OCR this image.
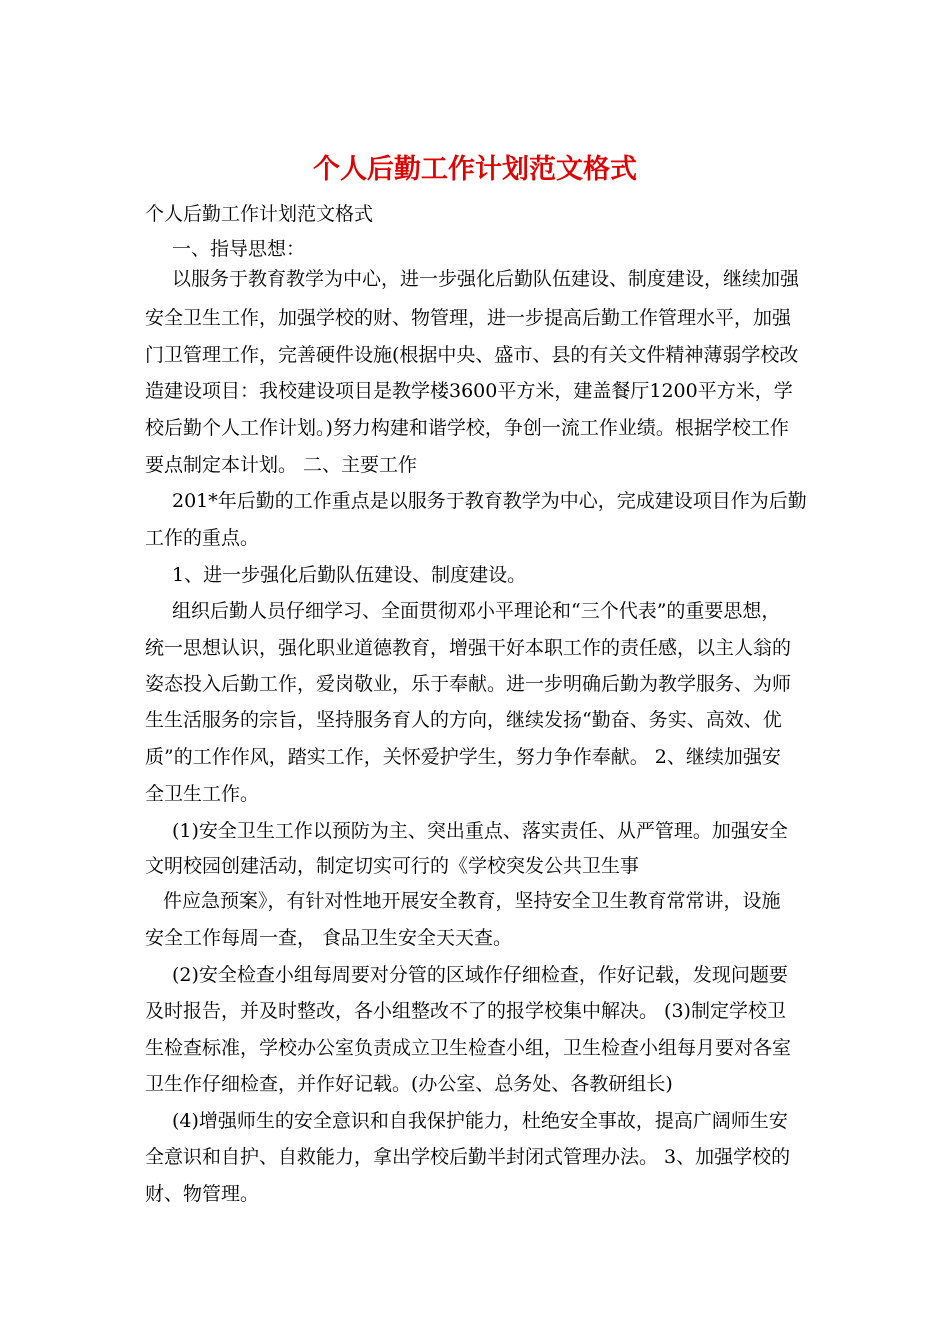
个人后勤工作计划范文格式
个人后勤工作计划范文格式
一、指导思想：
以服务于教育教学为中心，进一步强化后勤队伍建设、制度建设，继续加强
安全卫生工作，加强学校的财、物管理，进一步提高后勤工作管理水平，加强
门卫管理工作，完善硬件设施(根据中央、盛市、县的有关文件精神薄弱学校改
造建设项目：我校建设项目是教学楼3600平方米，建盖餐厅1200平方米，学
校后勤个人工作计划。)努力构建和谐学校，争创一流工作业绩。根据学校工作
要点制定本计划。 二、主要工作
201*年后勤的工作重点是以服务于教育教学为中心，完成建设项目作为后勤
工作的重点。
1、进一步强化后勤队伍建设、制度建设。
组织后勤人员仔细学习、全面贯彻邓小平理论和“三个代表”的重要思想，
统一思想认识，强化职业道德教育，增强干好本职工作的责任感，以主人翁的
姿态投入后勤工作，爱岗敬业，乐于奉献。进一步明确后勤为教学服务、为师
生生活服务的宗旨，坚持服务育人的方向，继续发扬“勤奋、务实、高效、优
质”的工作作风，踏实工作，关怀爱护学生，努力争作奉献。 2、继续加强安
全卫生工作。
(1)安全卫生工作以预防为主、突出重点、落实责任、从严管理。加强安全
文明校园创建活动，制定切实可行的《学校突发公共卫生事
件应急预案》，有针对性地开展安全教育，坚持安全卫生教育常常讲，设施
安全工作每周一查， 食品卫生安全天天查。
(2)安全检查小组每周要对分管的区域作仔细检查，作好记载，发现问题要
及时报告，并及时整改，各小组整改不了的报学校集中解决。 (3)制定学校卫
生检查标准，学校办公室负责成立卫生检查小组，卫生检查小组每月要对各室
卫生作仔细检查，并作好记载。(办公室、总务处、各教研组长)
(4)增强师生的安全意识和自我保护能力，杜绝安全事故，提高广阔师生安
全意识和自护、自救能力，拿出学校后勤半封闭式管理办法。 3、加强学校的
财、物管理。
